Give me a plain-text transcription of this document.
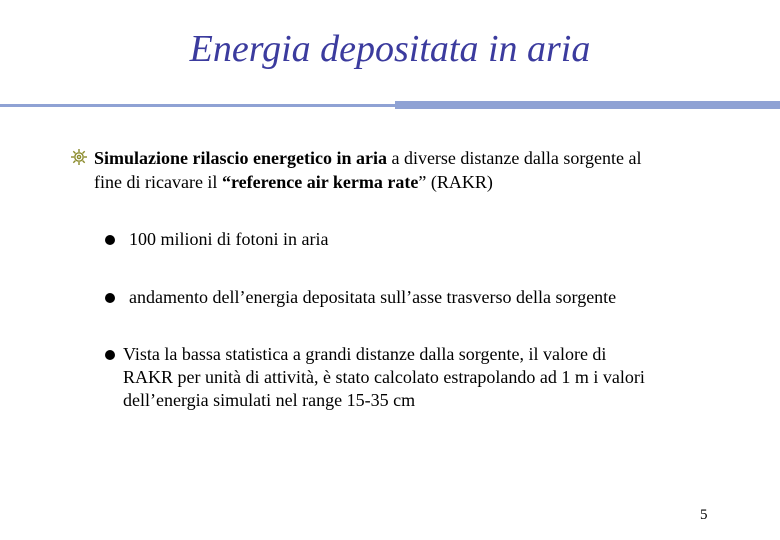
Energia depositata in aria
Simulazione rilascio energetico in aria a diverse distanze dalla sorgente al
fine di ricavare il “reference air kerma rate” (RAKR)
100 milioni di fotoni in aria
andamento dell’energia depositata sull’asse trasverso della sorgente
Vista la bassa statistica a grandi distanze dalla sorgente, il valore di
RAKR per unità di attività, è stato calcolato estrapolando ad 1 m i valori
dell’energia simulati nel range 15-35 cm
5
